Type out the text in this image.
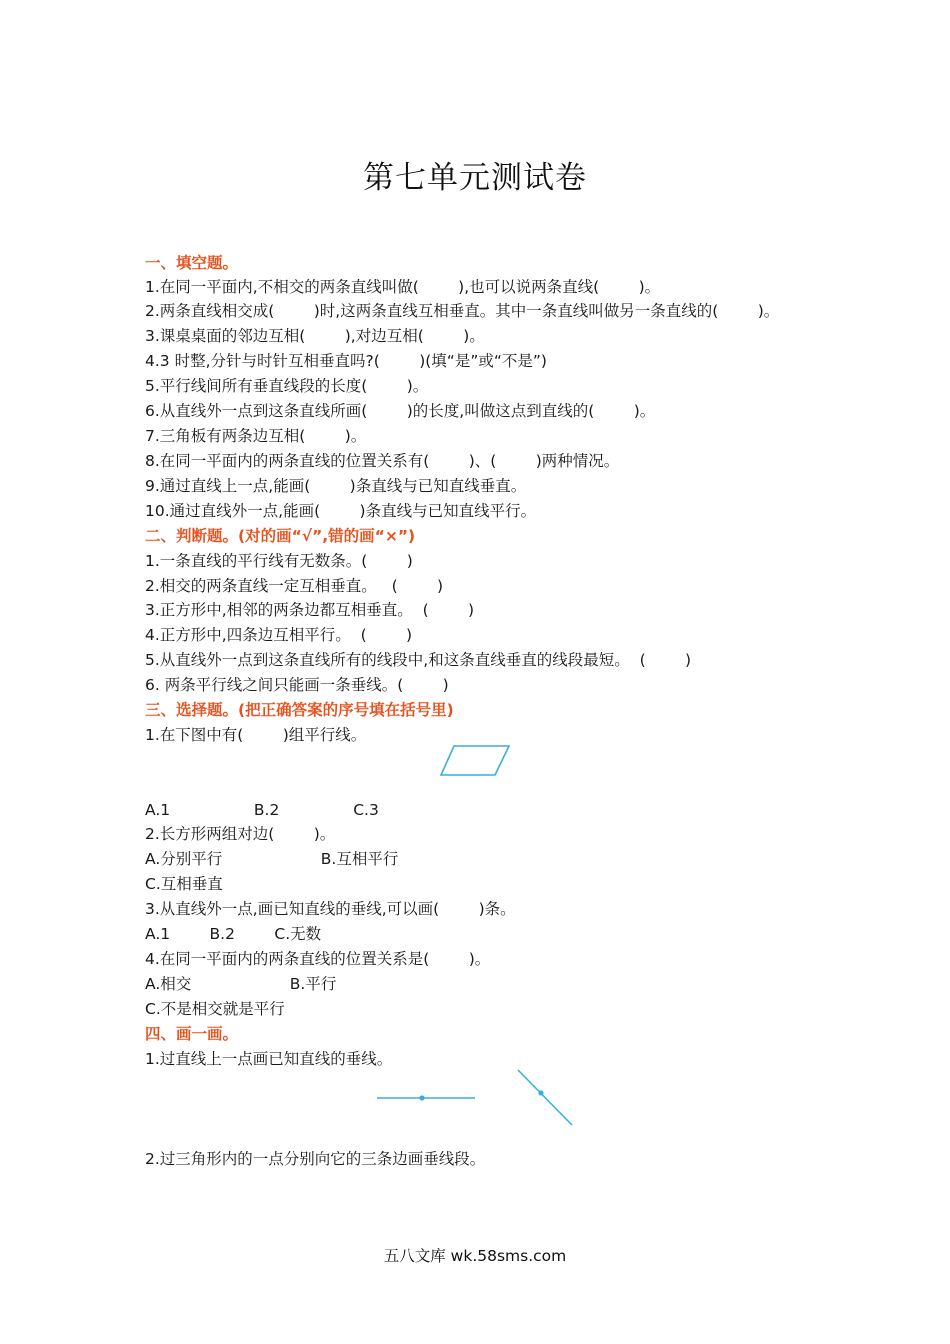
第七单元测试卷
一、填空题。
1.在同一平面内,不相交的两条直线叫做(        ),也可以说两条直线(        )。
2.两条直线相交成(        )时,这两条直线互相垂直。其中一条直线叫做另一条直线的(        )。
3.课桌桌面的邻边互相(        ),对边互相(        )。
4.3 时整,分针与时针互相垂直吗?(        )(填“是”或“不是”)
5.平行线间所有垂直线段的长度(        )。
6.从直线外一点到这条直线所画(        )的长度,叫做这点到直线的(        )。
7.三角板有两条边互相(        )。
8.在同一平面内的两条直线的位置关系有(        )、(        )两种情况。
9.通过直线上一点,能画(        )条直线与已知直线垂直。
10.通过直线外一点,能画(        )条直线与已知直线平行。
二、判断题。(对的画“√”,错的画“×”)
1.一条直线的平行线有无数条。(        )
2.相交的两条直线一定互相垂直。   (        )
3.正方形中,相邻的两条边都互相垂直。  (        )
4.正方形中,四条边互相平行。  (        )
5.从直线外一点到这条直线所有的线段中,和这条直线垂直的线段最短。  (        )
6. 两条平行线之间只能画一条垂线。(        )
三、选择题。(把正确答案的序号填在括号里)
1.在下图中有(        )组平行线。
A.1                 B.2               C.3
2.长方形两组对边(        )。
A.分别平行                    B.互相平行
C.互相垂直
3.从直线外一点,画已知直线的垂线,可以画(        )条。
A.1        B.2        C.无数
4.在同一平面内的两条直线的位置关系是(        )。
A.相交                    B.平行
C.不是相交就是平行
四、画一画。
1.过直线上一点画已知直线的垂线。
2.过三角形内的一点分别向它的三条边画垂线段。
五八文库 wk.58sms.com
